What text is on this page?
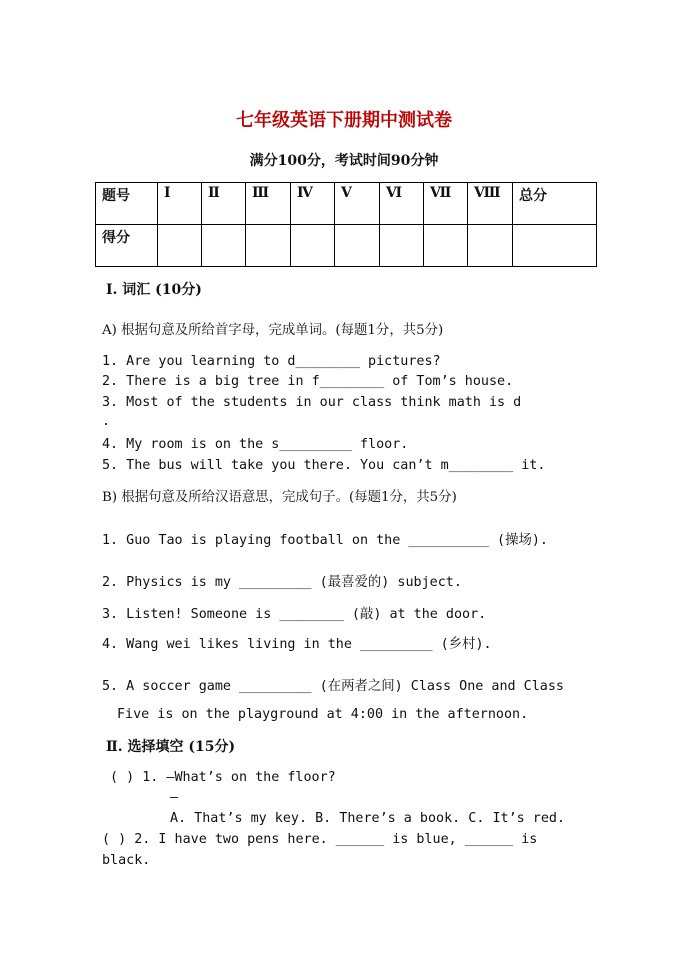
七年级英语下册期中测试卷
满分100分，考试时间90分钟
题号	Ⅰ	Ⅱ	Ⅲ	Ⅳ	Ⅴ	Ⅵ	Ⅶ	Ⅷ	总分
得分									
Ⅰ. 词汇 (10分)
A) 根据句意及所给首字母，完成单词。(每题1分，共5分)
1. Are you learning to d________ pictures?
2. There is a big tree in f________ of Tom’s house.
3. Most of the students in our class think math is d
.
4. My room is on the s_________ floor.
5. The bus will take you there. You can’t m________ it.
B) 根据句意及所给汉语意思，完成句子。(每题1分，共5分)
1. Guo Tao is playing football on the __________ (操场).
2. Physics is my _________ (最喜爱的) subject.
3. Listen! Someone is ________ (敲) at the door.
4. Wang wei likes living in the _________ (乡村).
5. A soccer game _________ (在两者之间) Class One and Class
Five is on the playground at 4:00 in the afternoon.
Ⅱ. 选择填空 (15分)
( ) 1. —What’s on the floor?
—
A. That’s my key. B. There’s a book. C. It’s red.
( ) 2. I have two pens here. ______ is blue, ______ is
black.
